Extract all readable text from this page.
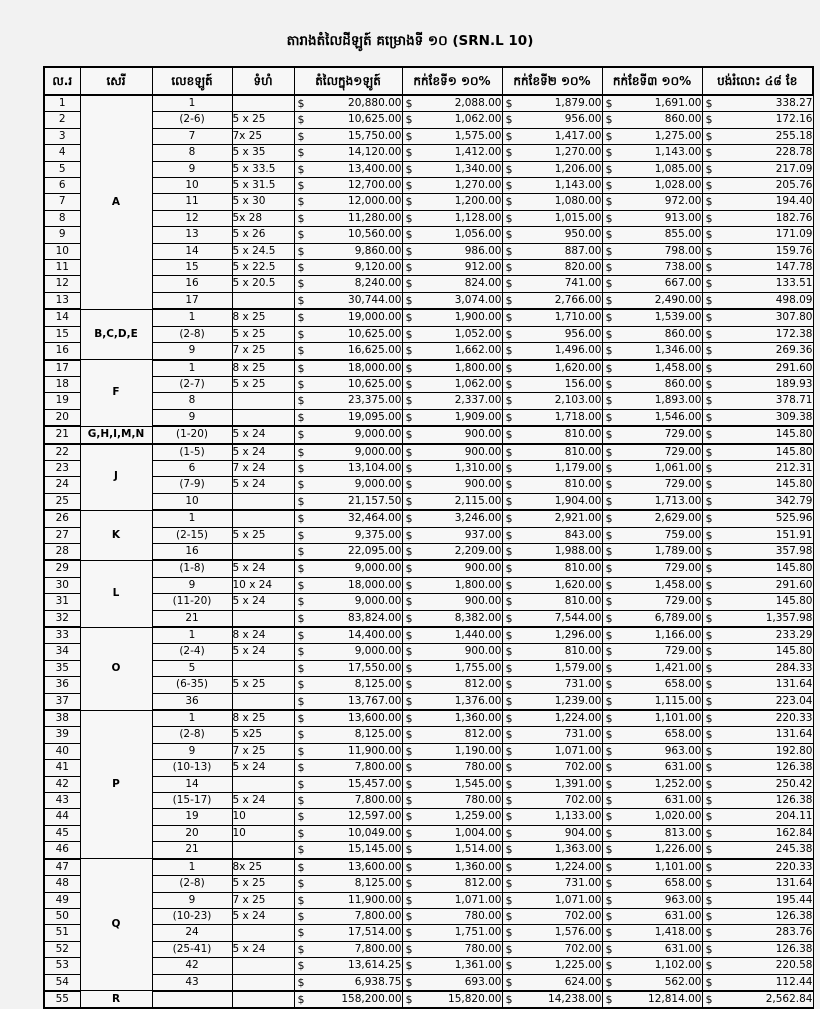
តារាងតំលៃដីឡូត៍ គម្រោងទី ១០ (SRN.L 10)
ល.រ	សេរី	លេខឡូត៍	ទំហំ	តំលៃក្នុង១ឡូត៍	កក់ខែទី១ ១០%	កក់ខែទី២ ១០%	កក់ខែទី៣ ១០%	បង់រំលោះ ៤៨ ខែ
1	A	1		$ 20,880.00	$ 2,088.00	$ 1,879.00	$ 1,691.00	$ 338.27
2		(2-6)	5 x 25	$ 10,625.00	$ 1,062.00	$ 956.00	$ 860.00	$ 172.16
3		7	7x 25	$ 15,750.00	$ 1,575.00	$ 1,417.00	$ 1,275.00	$ 255.18
4		8	5 x 35	$ 14,120.00	$ 1,412.00	$ 1,270.00	$ 1,143.00	$ 228.78
5		9	5 x 33.5	$ 13,400.00	$ 1,340.00	$ 1,206.00	$ 1,085.00	$ 217.09
6		10	5 x 31.5	$ 12,700.00	$ 1,270.00	$ 1,143.00	$ 1,028.00	$ 205.76
7		11	5 x 30	$ 12,000.00	$ 1,200.00	$ 1,080.00	$ 972.00	$ 194.40
8		12	5x 28	$ 11,280.00	$ 1,128.00	$ 1,015.00	$ 913.00	$ 182.76
9		13	5 x 26	$ 10,560.00	$ 1,056.00	$ 950.00	$ 855.00	$ 171.09
10		14	5 x 24.5	$ 9,860.00	$ 986.00	$ 887.00	$ 798.00	$ 159.76
11		15	5 x 22.5	$ 9,120.00	$ 912.00	$ 820.00	$ 738.00	$ 147.78
12		16	5 x 20.5	$ 8,240.00	$ 824.00	$ 741.00	$ 667.00	$ 133.51
13		17		$ 30,744.00	$ 3,074.00	$ 2,766.00	$ 2,490.00	$ 498.09
14	B,C,D,E	1	8 x 25	$ 19,000.00	$ 1,900.00	$ 1,710.00	$ 1,539.00	$ 307.80
15		(2-8)	5 x 25	$ 10,625.00	$ 1,052.00	$ 956.00	$ 860.00	$ 172.38
16		9	7 x 25	$ 16,625.00	$ 1,662.00	$ 1,496.00	$ 1,346.00	$ 269.36
17	F	1	8 x 25	$ 18,000.00	$ 1,800.00	$ 1,620.00	$ 1,458.00	$ 291.60
18		(2-7)	5 x 25	$ 10,625.00	$ 1,062.00	$ 156.00	$ 860.00	$ 189.93
19		8		$ 23,375.00	$ 2,337.00	$ 2,103.00	$ 1,893.00	$ 378.71
20		9		$ 19,095.00	$ 1,909.00	$ 1,718.00	$ 1,546.00	$ 309.38
21	G,H,I,M,N	(1-20)	5 x 24	$ 9,000.00	$ 900.00	$ 810.00	$ 729.00	$ 145.80
22	J	(1-5)	5 x 24	$ 9,000.00	$ 900.00	$ 810.00	$ 729.00	$ 145.80
23		6	7 x 24	$ 13,104.00	$ 1,310.00	$ 1,179.00	$ 1,061.00	$ 212.31
24		(7-9)	5 x 24	$ 9,000.00	$ 900.00	$ 810.00	$ 729.00	$ 145.80
25		10		$ 21,157.50	$ 2,115.00	$ 1,904.00	$ 1,713.00	$ 342.79
26	K	1		$ 32,464.00	$ 3,246.00	$ 2,921.00	$ 2,629.00	$ 525.96
27		(2-15)	5 x 25	$ 9,375.00	$ 937.00	$ 843.00	$ 759.00	$ 151.91
28		16		$ 22,095.00	$ 2,209.00	$ 1,988.00	$ 1,789.00	$ 357.98
29	L	(1-8)	5 x 24	$ 9,000.00	$ 900.00	$ 810.00	$ 729.00	$ 145.80
30		9	10 x 24	$ 18,000.00	$ 1,800.00	$ 1,620.00	$ 1,458.00	$ 291.60
31		(11-20)	5 x 24	$ 9,000.00	$ 900.00	$ 810.00	$ 729.00	$ 145.80
32		21		$ 83,824.00	$ 8,382.00	$ 7,544.00	$ 6,789.00	$ 1,357.98
33	O	1	8 x 24	$ 14,400.00	$ 1,440.00	$ 1,296.00	$ 1,166.00	$ 233.29
34		(2-4)	5 x 24	$ 9,000.00	$ 900.00	$ 810.00	$ 729.00	$ 145.80
35		5		$ 17,550.00	$ 1,755.00	$ 1,579.00	$ 1,421.00	$ 284.33
36		(6-35)	5 x 25	$ 8,125.00	$ 812.00	$ 731.00	$ 658.00	$ 131.64
37		36		$ 13,767.00	$ 1,376.00	$ 1,239.00	$ 1,115.00	$ 223.04
38	P	1	8 x 25	$ 13,600.00	$ 1,360.00	$ 1,224.00	$ 1,101.00	$ 220.33
39		(2-8)	5 x25	$ 8,125.00	$ 812.00	$ 731.00	$ 658.00	$ 131.64
40		9	7 x 25	$ 11,900.00	$ 1,190.00	$ 1,071.00	$ 963.00	$ 192.80
41		(10-13)	5 x 24	$ 7,800.00	$ 780.00	$ 702.00	$ 631.00	$ 126.38
42		14		$ 15,457.00	$ 1,545.00	$ 1,391.00	$ 1,252.00	$ 250.42
43		(15-17)	5 x 24	$ 7,800.00	$ 780.00	$ 702.00	$ 631.00	$ 126.38
44		19	10	$ 12,597.00	$ 1,259.00	$ 1,133.00	$ 1,020.00	$ 204.11
45		20	10	$ 10,049.00	$ 1,004.00	$ 904.00	$ 813.00	$ 162.84
46		21		$ 15,145.00	$ 1,514.00	$ 1,363.00	$ 1,226.00	$ 245.38
47	Q	1	8x 25	$ 13,600.00	$ 1,360.00	$ 1,224.00	$ 1,101.00	$ 220.33
48		(2-8)	5 x 25	$ 8,125.00	$ 812.00	$ 731.00	$ 658.00	$ 131.64
49		9	7 x 25	$ 11,900.00	$ 1,071.00	$ 1,071.00	$ 963.00	$ 195.44
50		(10-23)	5 x 24	$ 7,800.00	$ 780.00	$ 702.00	$ 631.00	$ 126.38
51		24		$ 17,514.00	$ 1,751.00	$ 1,576.00	$ 1,418.00	$ 283.76
52		(25-41)	5 x 24	$ 7,800.00	$ 780.00	$ 702.00	$ 631.00	$ 126.38
53		42		$ 13,614.25	$ 1,361.00	$ 1,225.00	$ 1,102.00	$ 220.58
54		43		$ 6,938.75	$ 693.00	$ 624.00	$ 562.00	$ 112.44
55	R			$ 158,200.00	$ 15,820.00	$ 14,238.00	$ 12,814.00	$ 2,562.84
